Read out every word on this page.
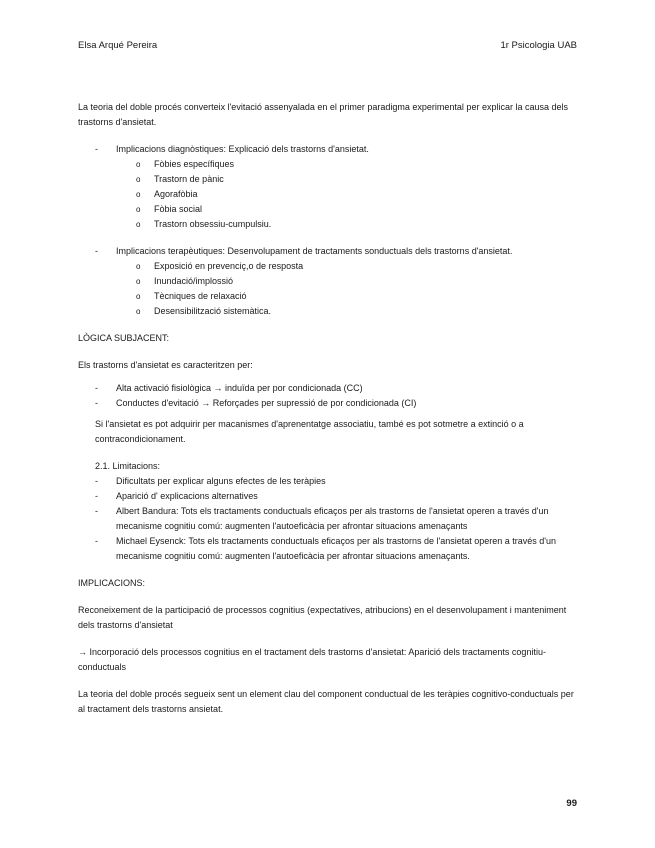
Elsa Arqué Pereira	1r Psicologia UAB

La teoria del doble procés converteix l'evitació assenyalada en el primer paradigma experimental per explicar la causa dels trastorns d'ansietat.

- Implicacions diagnòstiques: Explicació dels trastorns d'ansietat.
o Fòbies específiques
o Trastorn de pànic
o Agorafòbia
o Fòbia social
o Trastorn obsessiu-cumpulsiu.
- Implicacions terapèutiques: Desenvolupament de tractaments sonductuals dels trastorns d'ansietat.
o Exposició en prevenciç,o de resposta
o Inundació/implossió
o Tècniques de relaxació
o Desensibilització sistemàtica.

LÒGICA SUBJACENT:

Els trastorns d'ansietat es caracteritzen per:

- Alta activació fisiològica → induïda per por condicionada (CC)
- Conductes d'evitació → Reforçades per supressió de por condicionada (CI)

Si l'ansietat es pot adquirir per macanismes d'aprenentatge associatiu, també es pot sotmetre a extinció o a contracondicionament.

2.1. Limitacions:

- Dificultats per explicar alguns efectes de les teràpies
- Aparició d' explicacions alternatives
- Albert Bandura: Tots els tractaments conductuals eficaços per als trastorns de l'ansietat operen a través d'un mecanisme cognitiu comú: augmenten l'autoeficàcia per afrontar situacions amenaçants
- Michael Eysenck: Tots els tractaments conductuals eficaços per als trastorns de l'ansietat operen a través d'un mecanisme cognitiu comú: augmenten l'autoeficàcia per afrontar situacions amenaçants.

IMPLICACIONS:

Reconeixement de la participació de processos cognitius (expectatives, atribucions) en el desenvolupament i manteniment dels trastorns d'ansietat

→ Incorporació dels processos cognitius en el tractament dels trastorns d'ansietat: Aparició dels tractaments cognitiu-conductuals

La teoria del doble procés segueix sent un element clau del component conductual de les teràpies cognitivo-conductuals per al tractament dels trastorns ansietat.

99
